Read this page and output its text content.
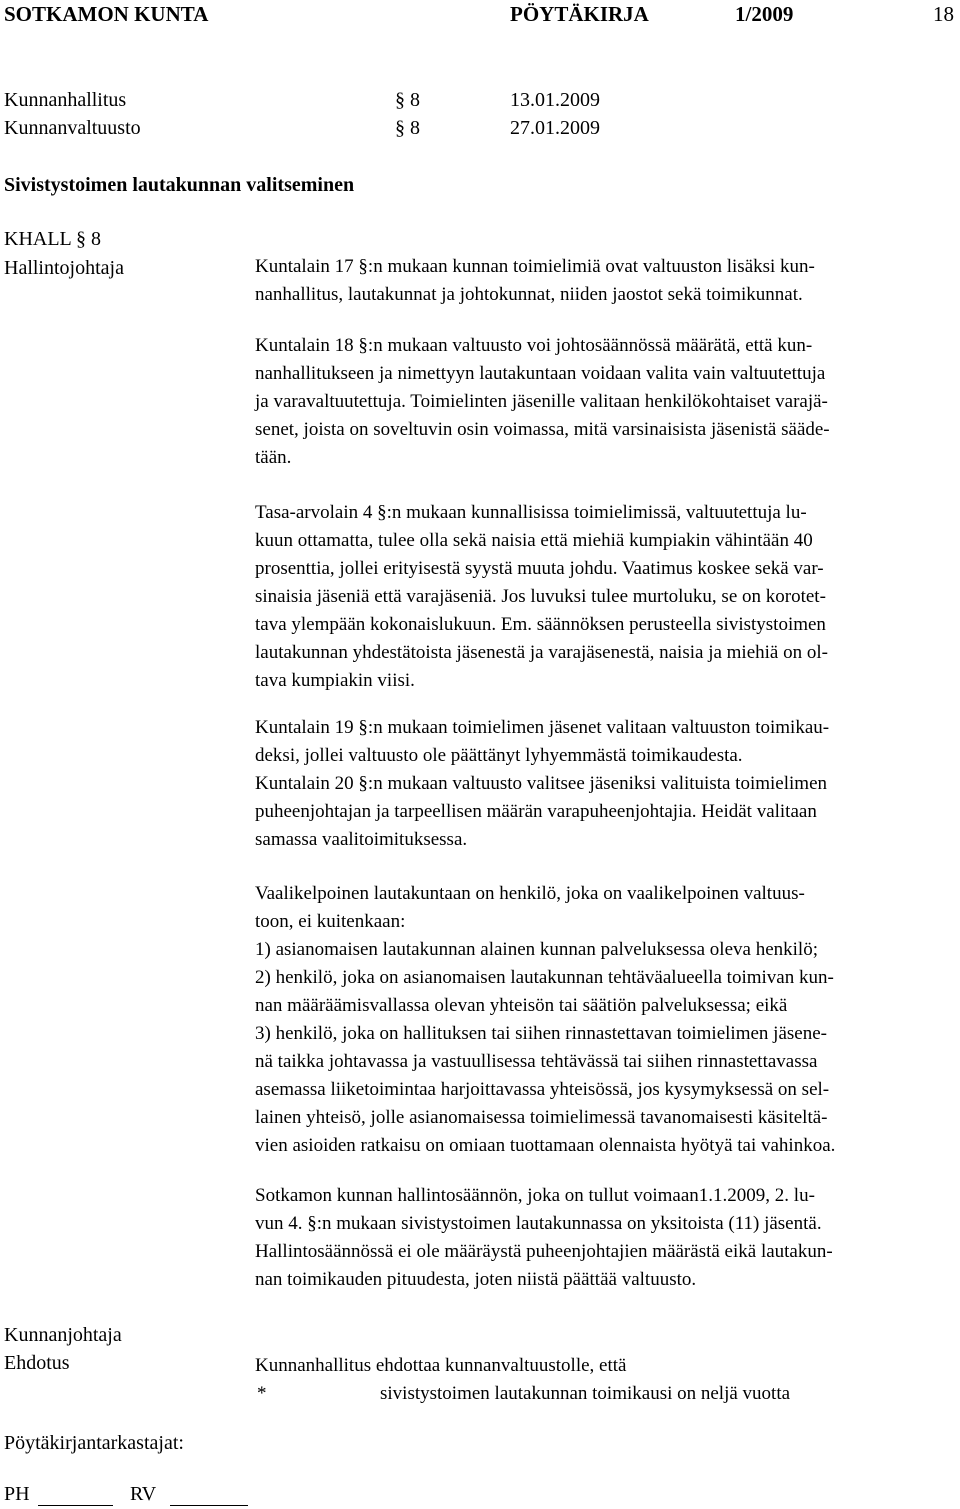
SOTKAMON KUNTA	PÖYTÄKIRJA	1/2009	18
Kunnanhallitus	§ 8	13.01.2009
Kunnanvaltuusto	§ 8	27.01.2009
Sivistystoimen lautakunnan valitseminen
KHALL § 8
Hallintojohtaja	Kuntalain 17 §:n mukaan kunnan toimielimiä ovat valtuuston lisäksi kun-
nanhallitus, lautakunnat ja johtokunnat, niiden jaostot sekä toimikunnat.
Kuntalain 18 §:n mukaan valtuusto voi johtosäännössä määrätä, että kun-
nanhallitukseen ja nimettyyn lautakuntaan voidaan valita vain valtuutettuja
ja varavaltuutettuja. Toimielinten jäsenille valitaan henkilökohtaiset varajä-
senet, joista on soveltuvin osin voimassa, mitä varsinaisista jäsenistä sääde-
tään.
Tasa-arvolain 4 §:n mukaan kunnallisissa toimielimissä, valtuutettuja lu-
kuun ottamatta, tulee olla sekä naisia että miehiä kumpiakin vähintään 40
prosenttia, jollei erityisestä syystä muuta johdu. Vaatimus koskee sekä var-
sinaisia jäseniä että varajäseniä. Jos luvuksi tulee murtoluku, se on korotet-
tava ylempään kokonaislukuun. Em. säännöksen perusteella sivistystoimen
lautakunnan yhdestätoista jäsenestä ja varajäsenestä, naisia ja miehiä on ol-
tava kumpiakin viisi.
Kuntalain 19 §:n mukaan toimielimen jäsenet valitaan valtuuston toimikau-
deksi, jollei valtuusto ole päättänyt lyhyemmästä toimikaudesta.
Kuntalain 20 §:n mukaan valtuusto valitsee jäseniksi valituista toimielimen
puheenjohtajan ja tarpeellisen määrän varapuheenjohtajia. Heidät valitaan
samassa vaalitoimituksessa.
Vaalikelpoinen lautakuntaan on henkilö, joka on vaalikelpoinen valtuus-
toon, ei kuitenkaan:
1) asianomaisen lautakunnan alainen kunnan palveluksessa oleva henkilö;
2) henkilö, joka on asianomaisen lautakunnan tehtäväalueella toimivan kun-
nan määräämisvallassa olevan yhteisön tai säätiön palveluksessa; eikä
3) henkilö, joka on hallituksen tai siihen rinnastettavan toimielimen jäsene-
nä taikka johtavassa ja vastuullisessa tehtävässä tai siihen rinnastettavassa
asemassa liiketoimintaa harjoittavassa yhteisössä, jos kysymyksessä on sel-
lainen yhteisö, jolle asianomaisessa toimielimessä tavanomaisesti käsiteltä-
vien asioiden ratkaisu on omiaan tuottamaan olennaista hyötyä tai vahinkoa.
Sotkamon kunnan hallintosäännön, joka on tullut voimaan1.1.2009, 2. lu-
vun 4. §:n mukaan sivistystoimen lautakunnassa on yksitoista (11) jäsentä.
Hallintosäännössä ei ole määräystä puheenjohtajien määrästä eikä lautakun-
nan toimikauden pituudesta, joten niistä päättää valtuusto.
Kunnanjohtaja
Ehdotus	Kunnanhallitus ehdottaa kunnanvaltuustolle, että
*	sivistystoimen lautakunnan toimikausi on neljä vuotta
Pöytäkirjantarkastajat:
PH	RV
